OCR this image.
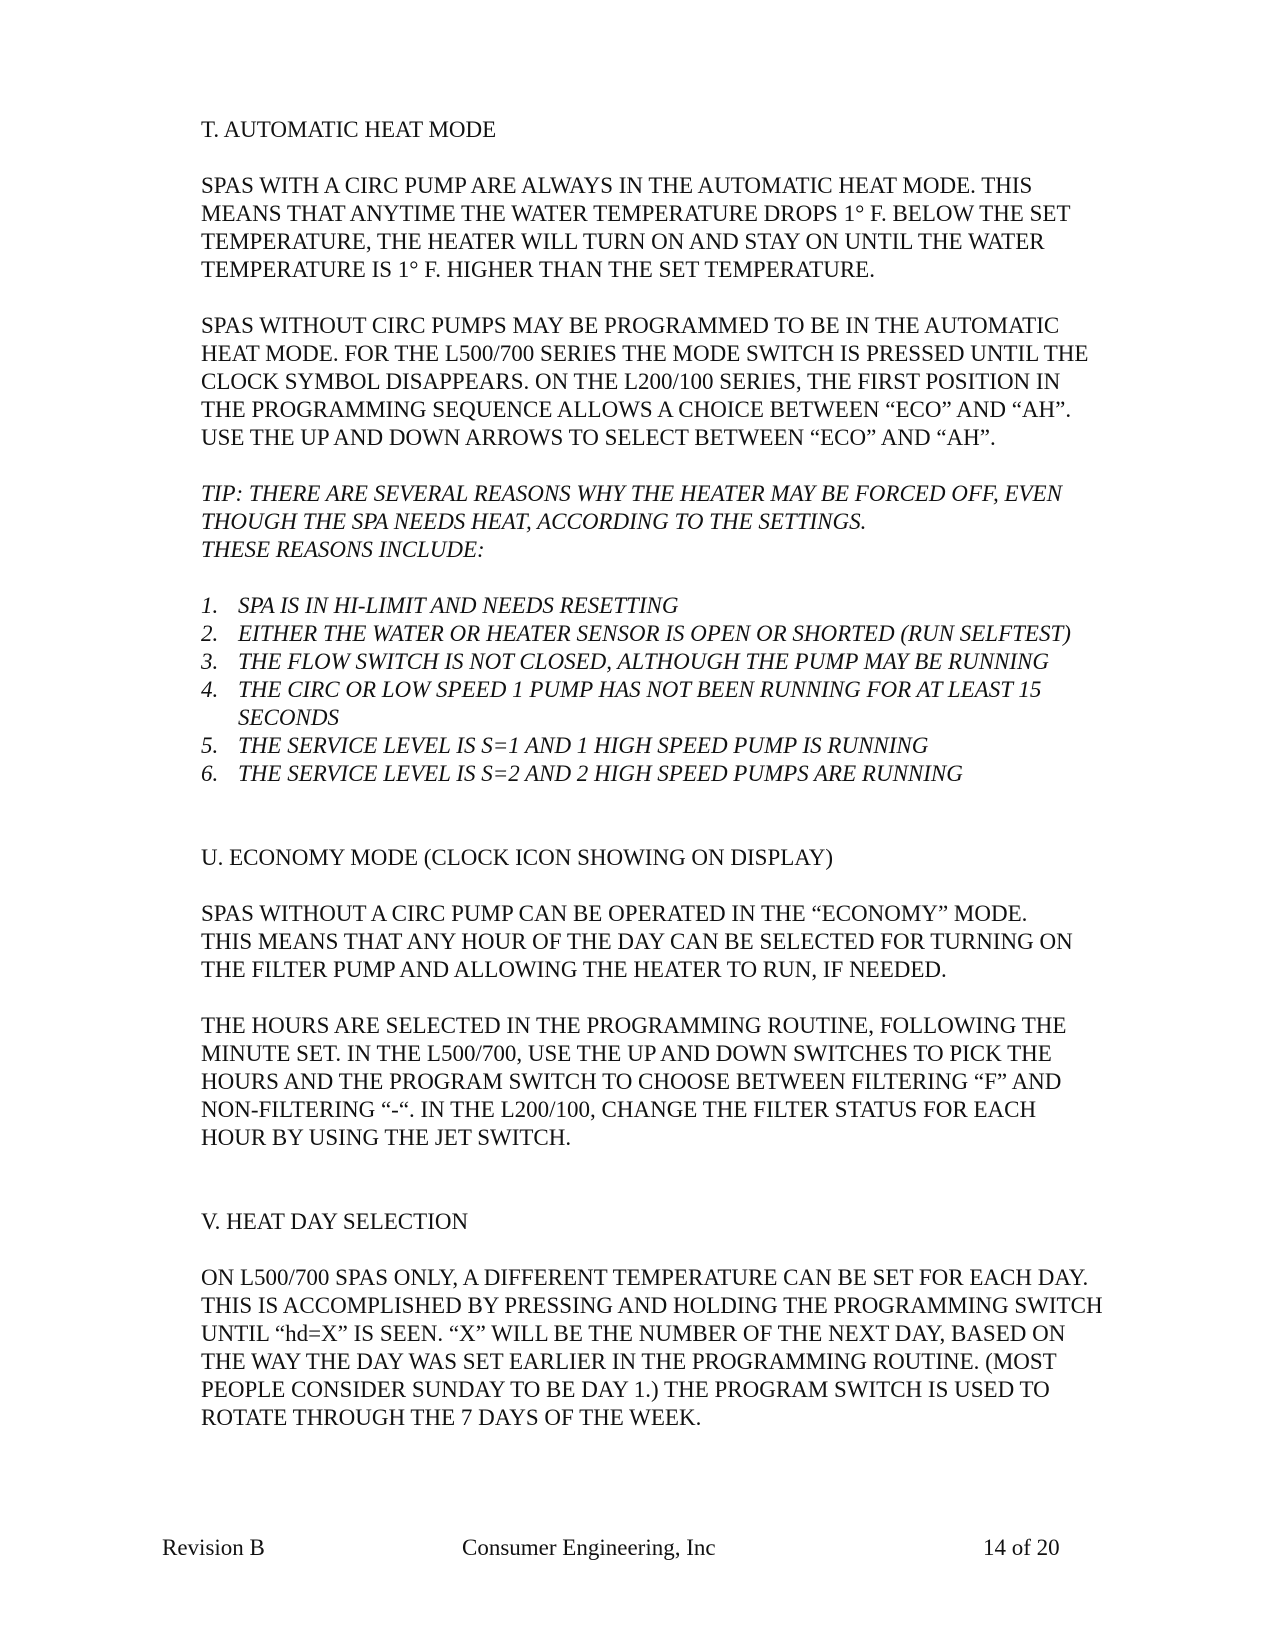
T. AUTOMATIC HEAT MODE
SPAS WITH A CIRC PUMP ARE ALWAYS IN THE AUTOMATIC HEAT MODE. THIS
MEANS THAT ANYTIME THE WATER TEMPERATURE DROPS 1° F. BELOW THE SET
TEMPERATURE, THE HEATER WILL TURN ON AND STAY ON UNTIL THE WATER
TEMPERATURE IS 1° F. HIGHER THAN THE SET TEMPERATURE.
SPAS WITHOUT CIRC PUMPS MAY BE PROGRAMMED TO BE IN THE AUTOMATIC
HEAT MODE. FOR THE L500/700 SERIES THE MODE SWITCH IS PRESSED UNTIL THE
CLOCK SYMBOL DISAPPEARS. ON THE L200/100 SERIES, THE FIRST POSITION IN
THE PROGRAMMING SEQUENCE ALLOWS A CHOICE BETWEEN “ECO” AND “AH”.
USE THE UP AND DOWN ARROWS TO SELECT BETWEEN “ECO” AND “AH”.
TIP: THERE ARE SEVERAL REASONS WHY THE HEATER MAY BE FORCED OFF, EVEN
THOUGH THE SPA NEEDS HEAT, ACCORDING TO THE SETTINGS.
THESE REASONS INCLUDE:
1. SPA IS IN HI-LIMIT AND NEEDS RESETTING
2. EITHER THE WATER OR HEATER SENSOR IS OPEN OR SHORTED (RUN SELFTEST)
3. THE FLOW SWITCH IS NOT CLOSED, ALTHOUGH THE PUMP MAY BE RUNNING
4. THE CIRC OR LOW SPEED 1 PUMP HAS NOT BEEN RUNNING FOR AT LEAST 15
SECONDS
5. THE SERVICE LEVEL IS S=1 AND 1 HIGH SPEED PUMP IS RUNNING
6. THE SERVICE LEVEL IS S=2 AND 2 HIGH SPEED PUMPS ARE RUNNING
U. ECONOMY MODE (CLOCK ICON SHOWING ON DISPLAY)
SPAS WITHOUT A CIRC PUMP CAN BE OPERATED IN THE “ECONOMY” MODE.
THIS MEANS THAT ANY HOUR OF THE DAY CAN BE SELECTED FOR TURNING ON
THE FILTER PUMP AND ALLOWING THE HEATER TO RUN, IF NEEDED.
THE HOURS ARE SELECTED IN THE PROGRAMMING ROUTINE, FOLLOWING THE
MINUTE SET. IN THE L500/700, USE THE UP AND DOWN SWITCHES TO PICK THE
HOURS AND THE PROGRAM SWITCH TO CHOOSE BETWEEN FILTERING “F” AND
NON-FILTERING “-“. IN THE L200/100, CHANGE THE FILTER STATUS FOR EACH
HOUR BY USING THE JET SWITCH.
V. HEAT DAY SELECTION
ON L500/700 SPAS ONLY, A DIFFERENT TEMPERATURE CAN BE SET FOR EACH DAY.
THIS IS ACCOMPLISHED BY PRESSING AND HOLDING THE PROGRAMMING SWITCH
UNTIL “hd=X” IS SEEN. “X” WILL BE THE NUMBER OF THE NEXT DAY, BASED ON
THE WAY THE DAY WAS SET EARLIER IN THE PROGRAMMING ROUTINE. (MOST
PEOPLE CONSIDER SUNDAY TO BE DAY 1.) THE PROGRAM SWITCH IS USED TO
ROTATE THROUGH THE 7 DAYS OF THE WEEK.
Revision B	Consumer Engineering, Inc	14 of 20
